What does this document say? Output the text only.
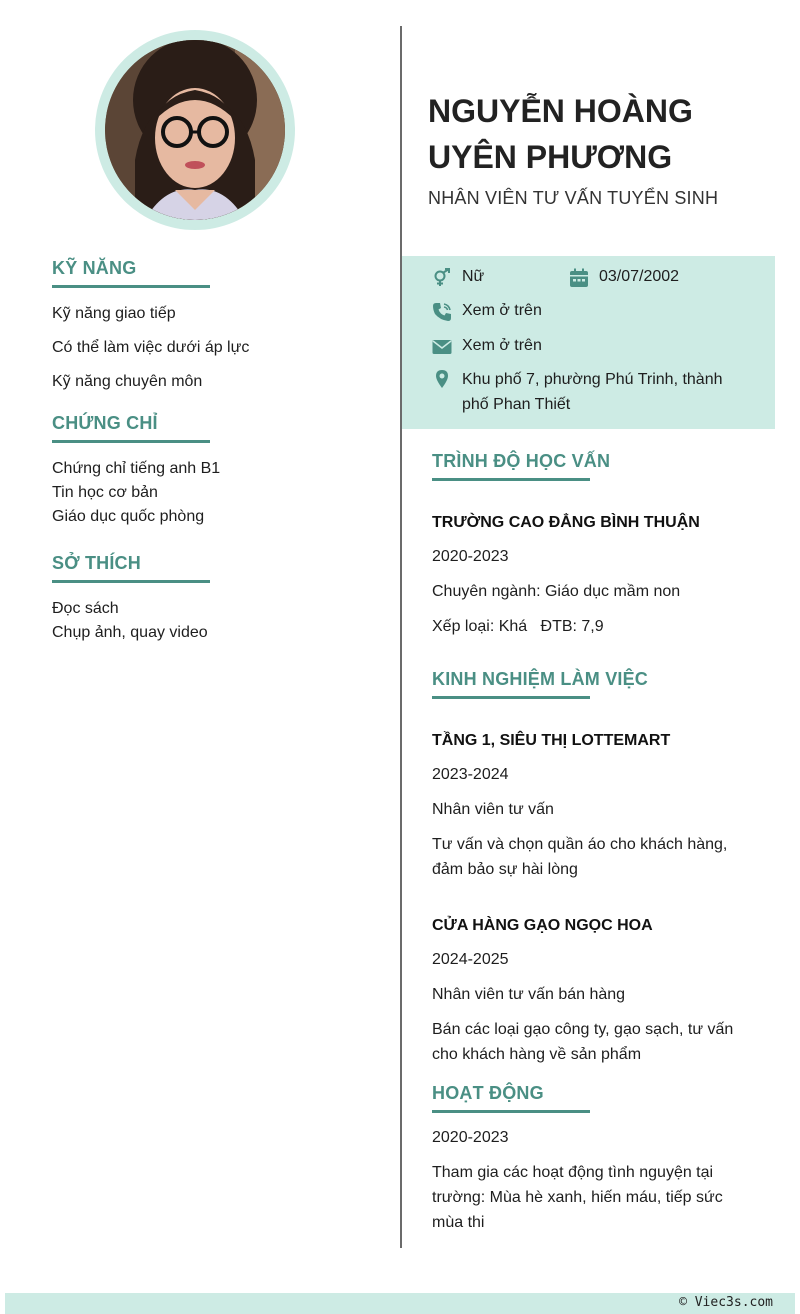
KỸ NĂNG
Kỹ năng giao tiếp
Có thể làm việc dưới áp lực
Kỹ năng chuyên môn
CHỨNG CHỈ
Chứng chỉ tiếng anh B1
Tin học cơ bản
Giáo dục quốc phòng
SỞ THÍCH
Đọc sách
Chụp ảnh, quay video
NGUYỄN HOÀNG UYÊN PHƯƠNG
NHÂN VIÊN TƯ VẤN TUYỂN SINH
Nữ	03/07/2002
Xem ở trên
Xem ở trên
Khu phố 7, phường Phú Trinh, thành phố Phan Thiết
TRÌNH ĐỘ HỌC VẤN
TRƯỜNG CAO ĐẲNG BÌNH THUẬN
2020-2023
Chuyên ngành: Giáo dục mầm non
Xếp loại: Khá   ĐTB: 7,9
KINH NGHIỆM LÀM VIỆC
TẦNG 1, SIÊU THỊ LOTTEMART
2023-2024
Nhân viên tư vấn
Tư vấn và chọn quần áo cho khách hàng, đảm bảo sự hài lòng
CỬA HÀNG GẠO NGỌC HOA
2024-2025
Nhân viên tư vấn bán hàng
Bán các loại gạo công ty, gạo sạch, tư vấn cho khách hàng về sản phẩm
HOẠT ĐỘNG
2020-2023
Tham gia các hoạt động tình nguyện tại trường: Mùa hè xanh, hiến máu, tiếp sức mùa thi
© Viec3s.com
